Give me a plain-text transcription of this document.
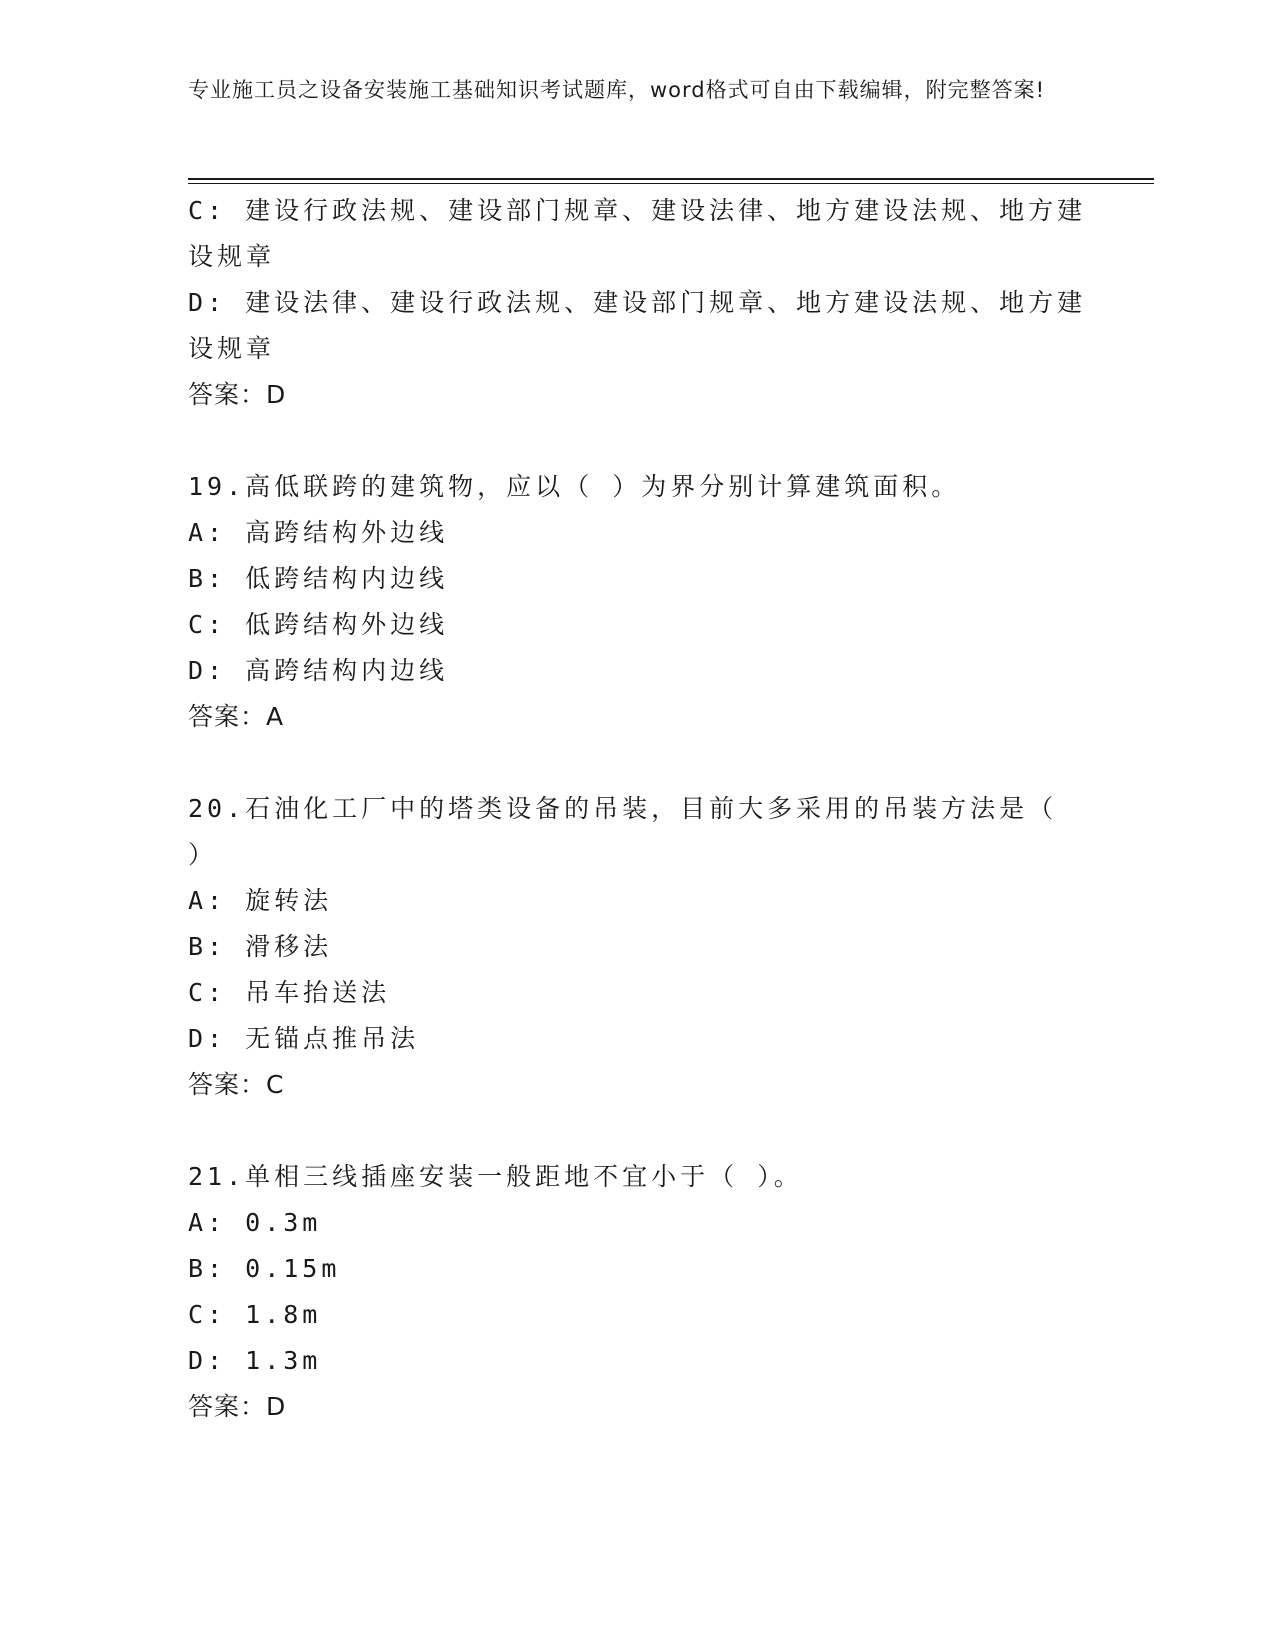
专业施工员之设备安装施工基础知识考试题库，word格式可自由下载编辑，附完整答案!
C: 建设行政法规、建设部门规章、建设法律、地方建设法规、地方建设规章
D: 建设法律、建设行政法规、建设部门规章、地方建设法规、地方建设规章
答案：D
19.高低联跨的建筑物，应以（ ）为界分别计算建筑面积。
A: 高跨结构外边线
B: 低跨结构内边线
C: 低跨结构外边线
D: 高跨结构内边线
答案：A
20.石油化工厂中的塔类设备的吊装，目前大多采用的吊装方法是（ ）
A: 旋转法
B: 滑移法
C: 吊车抬送法
D: 无锚点推吊法
答案：C
21.单相三线插座安装一般距地不宜小于（ ）。
A: 0.3m
B: 0.15m
C: 1.8m
D: 1.3m
答案：D
